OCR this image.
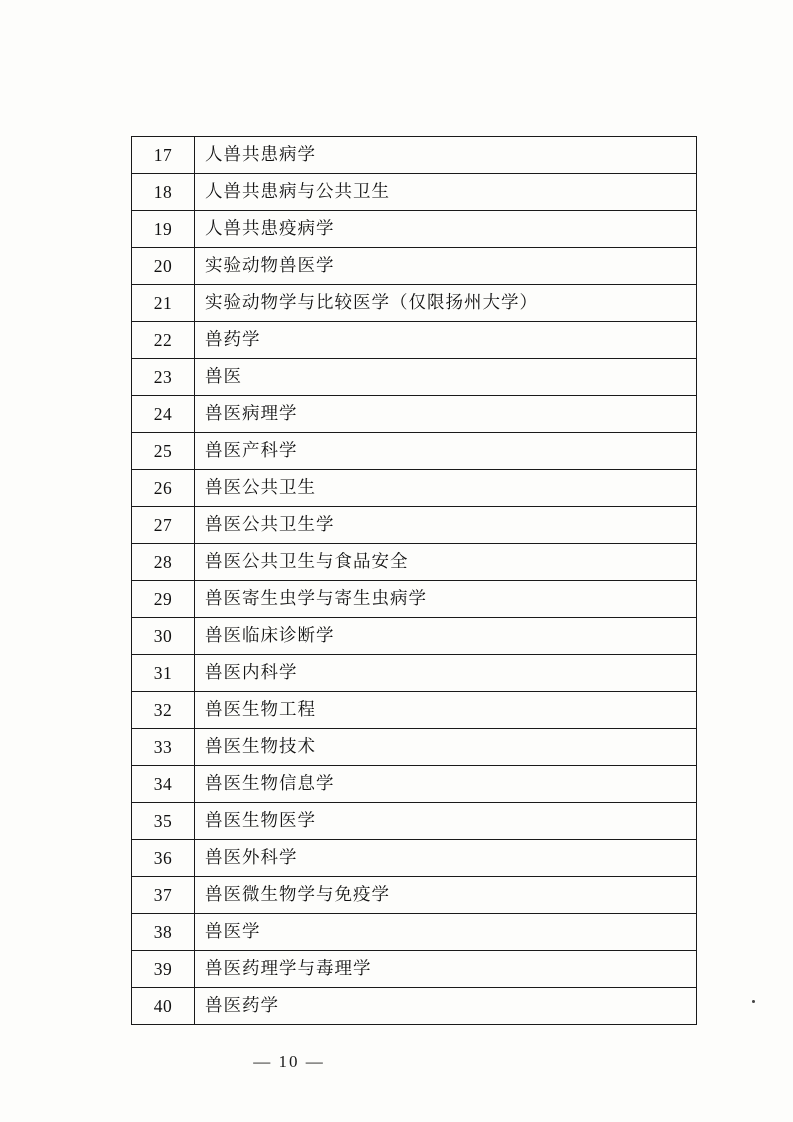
17	人兽共患病学
18	人兽共患病与公共卫生
19	人兽共患疫病学
20	实验动物兽医学
21	实验动物学与比较医学（仅限扬州大学）
22	兽药学
23	兽医
24	兽医病理学
25	兽医产科学
26	兽医公共卫生
27	兽医公共卫生学
28	兽医公共卫生与食品安全
29	兽医寄生虫学与寄生虫病学
30	兽医临床诊断学
31	兽医内科学
32	兽医生物工程
33	兽医生物技术
34	兽医生物信息学
35	兽医生物医学
36	兽医外科学
37	兽医微生物学与免疫学
38	兽医学
39	兽医药理学与毒理学
40	兽医药学
— 10 —
